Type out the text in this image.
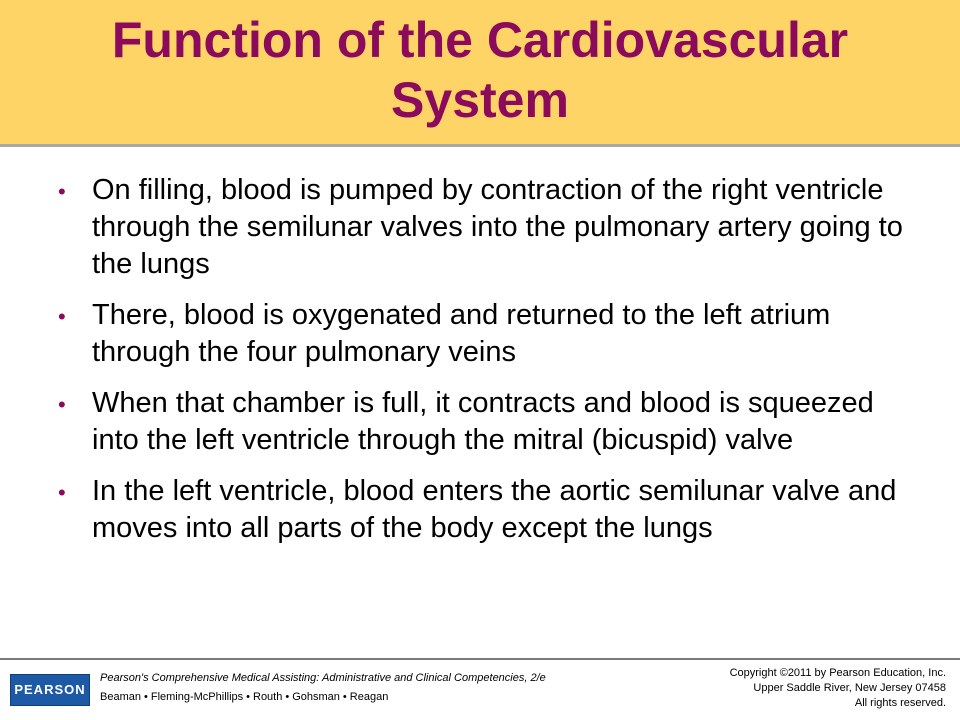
Function of the Cardiovascular
System
• On filling, blood is pumped by contraction of the right ventricle through the semilunar valves into the pulmonary artery going to the lungs
• There, blood is oxygenated and returned to the left atrium through the four pulmonary veins
• When that chamber is full, it contracts and blood is squeezed into the left ventricle through the mitral (bicuspid) valve
• In the left ventricle, blood enters the aortic semilunar valve and moves into all parts of the body except the lungs
PEARSON
Pearson's Comprehensive Medical Assisting: Administrative and Clinical Competencies, 2/e
Beaman • Fleming-McPhillips • Routh • Gohsman • Reagan
Copyright ©2011 by Pearson Education, Inc.
Upper Saddle River, New Jersey 07458
All rights reserved.
